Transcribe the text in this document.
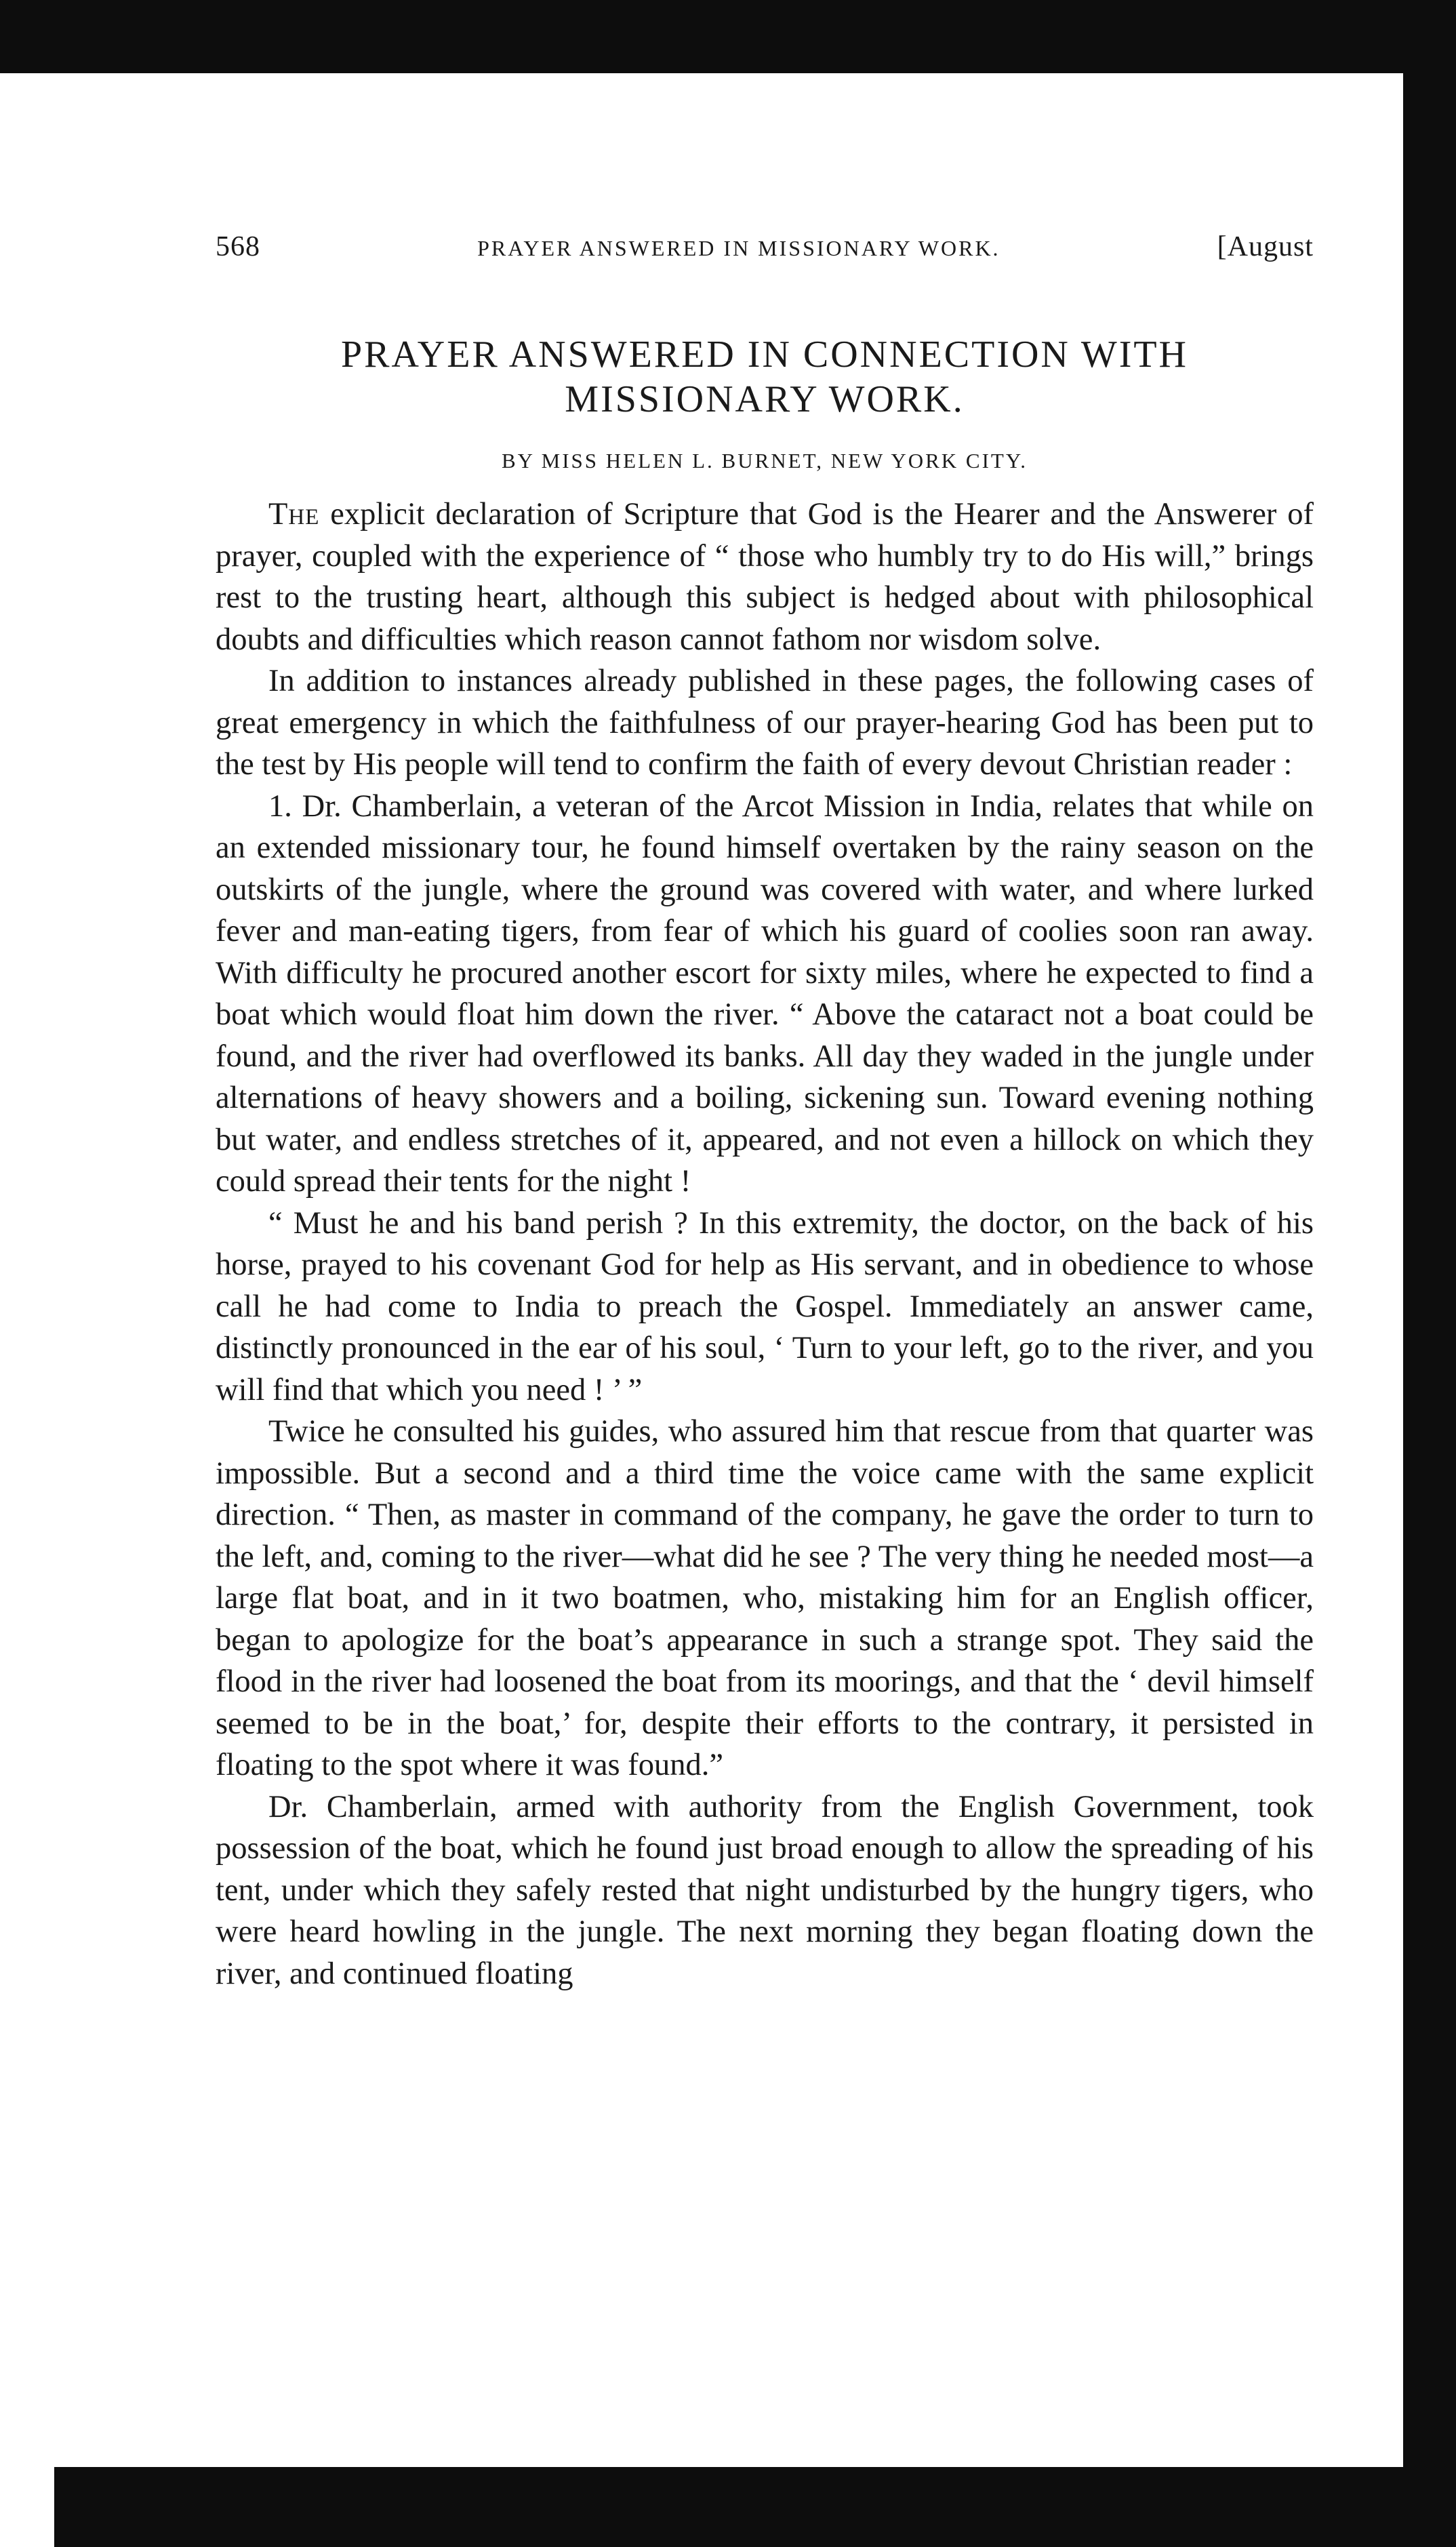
568	PRAYER ANSWERED IN MISSIONARY WORK.	[August
PRAYER ANSWERED IN CONNECTION WITH MISSIONARY WORK.
BY MISS HELEN L. BURNET, NEW YORK CITY.

The explicit declaration of Scripture that God is the Hearer and the Answerer of prayer, coupled with the experience of “ those who humbly try to do His will,” brings rest to the trusting heart, although this subject is hedged about with philosophical doubts and difficulties which reason cannot fathom nor wisdom solve.

In addition to instances already published in these pages, the following cases of great emergency in which the faithfulness of our prayer-hearing God has been put to the test by His people will tend to confirm the faith of every devout Christian reader :

1. Dr. Chamberlain, a veteran of the Arcot Mission in India, relates that while on an extended missionary tour, he found himself overtaken by the rainy season on the outskirts of the jungle, where the ground was covered with water, and where lurked fever and man-eating tigers, from fear of which his guard of coolies soon ran away. With difficulty he procured another escort for sixty miles, where he expected to find a boat which would float him down the river. “ Above the cataract not a boat could be found, and the river had overflowed its banks. All day they waded in the jungle under alternations of heavy showers and a boiling, sickening sun. Toward evening nothing but water, and endless stretches of it, appeared, and not even a hillock on which they could spread their tents for the night !

“ Must he and his band perish ? In this extremity, the doctor, on the back of his horse, prayed to his covenant God for help as His servant, and in obedience to whose call he had come to India to preach the Gospel. Immediately an answer came, distinctly pronounced in the ear of his soul, ‘ Turn to your left, go to the river, and you will find that which you need ! ’ ”

Twice he consulted his guides, who assured him that rescue from that quarter was impossible. But a second and a third time the voice came with the same explicit direction. “ Then, as master in command of the company, he gave the order to turn to the left, and, coming to the river—what did he see ? The very thing he needed most—a large flat boat, and in it two boatmen, who, mistaking him for an English officer, began to apologize for the boat’s appearance in such a strange spot. They said the flood in the river had loosened the boat from its moorings, and that the ‘ devil himself seemed to be in the boat,’ for, despite their efforts to the contrary, it persisted in floating to the spot where it was found.”

Dr. Chamberlain, armed with authority from the English Government, took possession of the boat, which he found just broad enough to allow the spreading of his tent, under which they safely rested that night undisturbed by the hungry tigers, who were heard howling in the jungle. The next morning they began floating down the river, and continued floating
